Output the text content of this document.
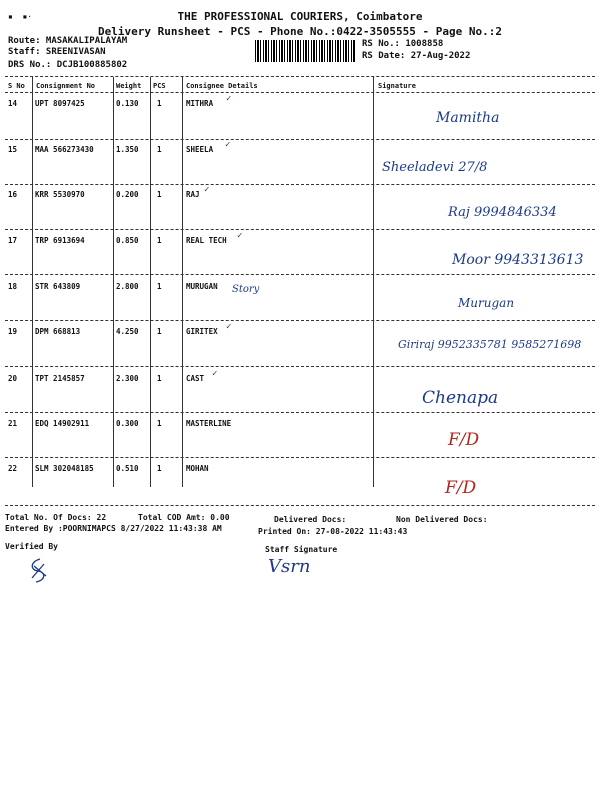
▪  ▪·	THE PROFESSIONAL COURIERS, Coimbatore
Delivery Runsheet - PCS - Phone No.:0422-3505555 - Page No.:2
Route: MASAKALIPALAYAM
Staff: SREENIVASAN
DRS No.: DCJB100885802
RS No.: 1008858
RS Date: 27-Aug-2022
S No Consignment No	Weight PCS	Consignee Details	Signature
14 UPT 8097425	0.130 1	MITHRA ✓
Mamitha
15 MAA 566273430	1.350 1	SHEELA ✓
Sheeladevi 27/8
16 KRR 5530970	0.200 1	RAJ ✓
Raj 9994846334
17 TRP 6913694	0.850 1	REAL TECH ✓
Moor 9943313613
18 STR 643809	2.800 1	MURUGAN Story
Murugan
19 DPM 668813	4.250 1	GIRITEX ✓
Giriraj 9952335781 9585271698
20 TPT 2145857	2.300 1	CAST ✓
Chenapa
21 EDQ 14902911	0.300 1	MASTERLINE
F/D
22 SLM 302048185	0.510 1	MOHAN
F/D
Total No. Of Docs: 22	Total COD Amt: 0.00	Delivered Docs:	Non Delivered Docs:
Entered By :POORNIMAPCS 8/27/2022 11:43:38 AM	Printed On: 27-08-2022 11:43:43
Verified By	Staff Signature
Vsrn
